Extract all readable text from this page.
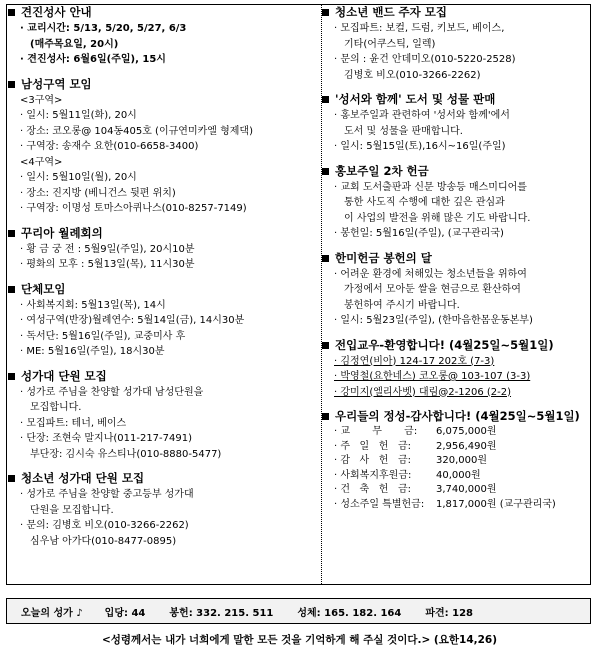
견진성사 안내
· 교리시간: 5/13, 5/20, 5/27, 6/3
(매주목요일, 20시)
· 견진성사: 6월6일(주일), 15시
남성구역 모임
<3구역>
· 일시: 5월11일(화), 20시
· 장소: 코오롱@ 104동405호 (이규연미카엘 형제댁)
· 구역장: 송재수 요한(010-6658-3400)
<4구역>
· 일시: 5월10일(월), 20시
· 장소: 진지방 (베니건스 뒷편 위치)
· 구역장: 이명성 토마스아퀴나스(010-8257-7149)
꾸리아 월례회의
· 황 금 궁 전 : 5월9일(주일), 20시10분
· 평화의 모후 : 5월13일(목), 11시30분
단체모임
· 사회복지회: 5월13일(목), 14시
· 여성구역(반장)월례연수: 5월14일(금), 14시30분
· 독서단: 5월16일(주일), 교중미사 후
· ME: 5월16일(주일), 18시30분
성가대 단원 모집
· 성가로 주님을 찬양할 성가대 남성단원을
모집합니다.
· 모집파트: 테너, 베이스
· 단장: 조현숙 말지나(011-217-7491)
부단장: 김시숙 유스티나(010-8880-5477)
청소년 성가대 단원 모집
· 성가로 주님을 찬양할 중고등부 성가대
단원을 모집합니다.
· 문의: 김병호 비오(010-3266-2262)
심우남 아가다(010-8477-0895)
청소년 밴드 주자 모집
· 모집파트: 보컬, 드럼, 키보드, 베이스,
기타(어쿠스틱, 일렉)
· 문의 : 윤건 안데미오(010-5220-2528)
김병호 비오(010-3266-2262)
'성서와 함께' 도서 및 성물 판매
· 홍보주일과 관련하여 '성서와 함께'에서
도서 및 성물을 판매합니다.
· 일시: 5월15일(토),16시~16일(주일)
홍보주일 2차 헌금
· 교회 도서출판과 신문 방송등 매스미디어를
통한 사도직 수행에 대한 깊은 관심과
이 사업의 발전을 위해 많은 기도 바랍니다.
· 봉헌일: 5월16일(주일), (교구관리국)
한미헌금 봉헌의 달
· 어려운 환경에 처해있는 청소년들을 위하여
가정에서 모아둔 쌀을 현금으로 환산하여
봉헌하여 주시기 바랍니다.
· 일시: 5월23일(주일), (한마음한몸운동본부)
전입교우-환영합니다! (4월25일~5월1일)
· 김정연(비아) 124-17 202호 (7-3)
· 박영철(요한네스) 코오롱@ 103-107 (3-3)
· 강미지(엘리사벳) 대림@2-1206 (2-2)
우리들의 정성-감사합니다! (4월25일~5월1일)
· 교       무       금:	6,075,000원
· 주   일   헌   금:	2,956,490원
· 감   사   헌   금:	320,000원
· 사회복지후원금:	40,000원
· 건   축   헌   금:	3,740,000원
· 성소주일 특별헌금:	1,817,000원 (교구관리국)
오늘의 성가 ♪ 입당: 44 봉헌: 332. 215. 511 성체: 165. 182. 164 파견: 128
<성령께서는 내가 너희에게 말한 모든 것을 기억하게 해 주실 것이다.> (요한14,26)
